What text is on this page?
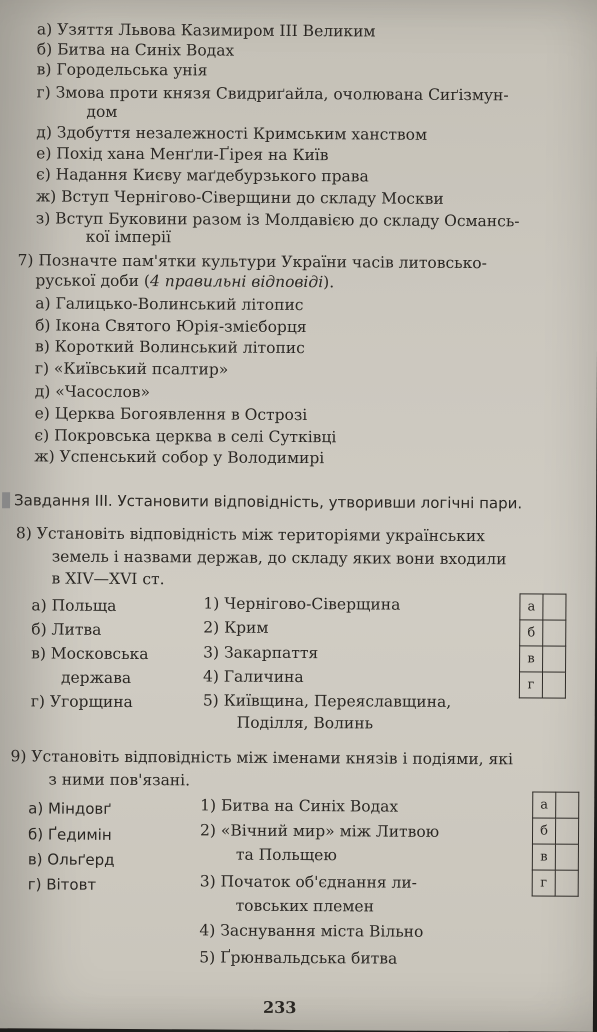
а) Узяття Львова Казимиром III Великим
б) Битва на Синіх Водах
в) Городельська унія
г) Змова проти князя Свидриґайла, очолювана Сиґізмун-
дом
д) Здобуття незалежності Кримським ханством
е) Похід хана Менґли-Ґірея на Київ
є) Надання Києву маґдебурзького права
ж) Вступ Чернігово-Сіверщини до складу Москви
з) Вступ Буковини разом із Молдавією до складу Османсь-
кої імперії
7) Позначте пам'ятки культури України часів литовсько-
руської доби (4 правильні відповіді).
а) Галицько-Волинський літопис
б) Ікона Святого Юрія-змієборця
в) Короткий Волинський літопис
г) «Київський псалтир»
д) «Часослов»
е) Церква Богоявлення в Острозі
є) Покровська церква в селі Сутківці
ж) Успенський собор у Володимирі
Завдання ІІІ. Установити відповідність, утворивши логічні пари.
8) Установіть відповідність між територіями українських
земель і назвами держав, до складу яких вони входили
в XIV—XVI ст.
а) Польща
б) Литва
в) Московська
держава
г) Угорщина
1) Чернігово-Сіверщина
2) Крим
3) Закарпаття
4) Галичина
5) Київщина, Переяславщина,
Поділля, Волинь
а	
б	
в	
г	
9) Установіть відповідність між іменами князів і подіями, які
з ними пов'язані.
а) Міндовґ
б) Ґедимін
в) Ольґерд
г) Вітовт
1) Битва на Синіх Водах
2) «Вічний мир» між Литвою
та Польщею
3) Початок об'єднання ли-
товських племен
4) Заснування міста Вільно
5) Ґрюнвальдська битва
а	
б	
в	
г	
233
